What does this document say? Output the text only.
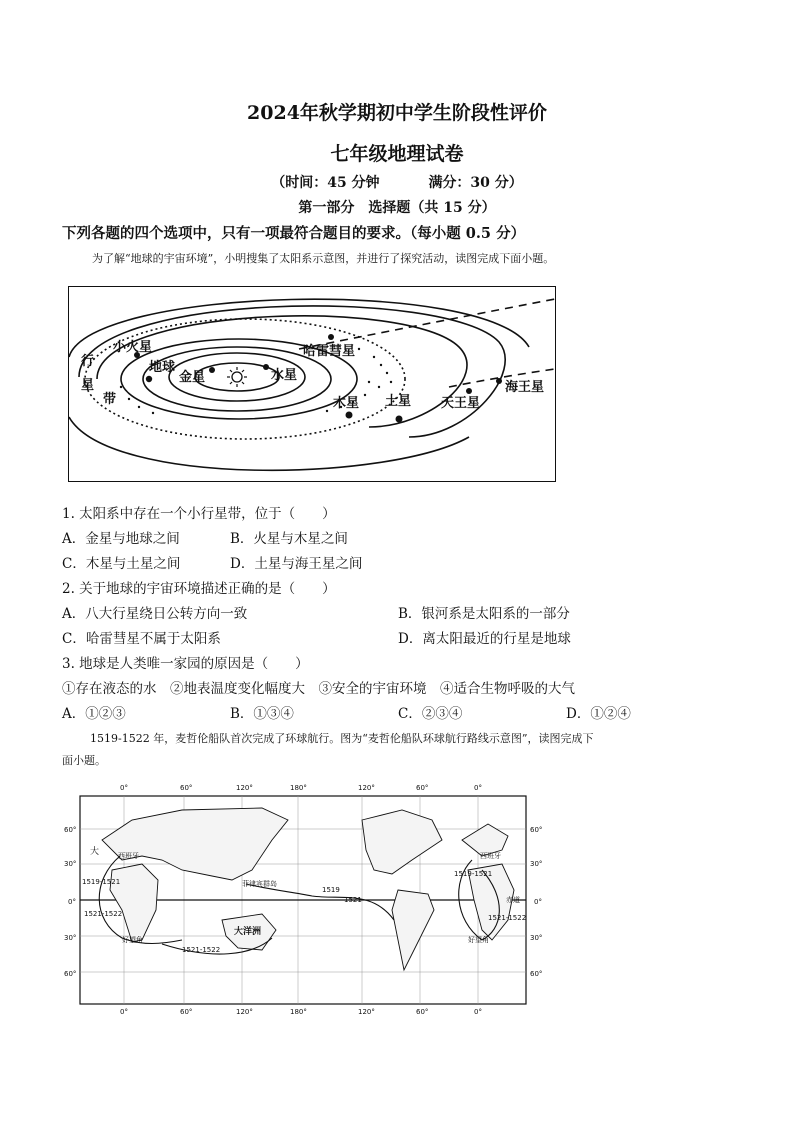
2024年秋学期初中学生阶段性评价
七年级地理试卷
（时间：45 分钟	满分：30 分）
第一部分　选择题（共 15 分）
下列各题的四个选项中，只有一项最符合题目的要求。（每小题 0.5 分）
为了解“地球的宇宙环境”，小明搜集了太阳系示意图，并进行了探究活动，读图完成下面小题。
小火星
行
星
带
地球
金星	水星
哈雷彗星
木星 土星 天王星
海王星
1. 太阳系中存在一个小行星带，位于（　　）
A．金星与地球之间	B．火星与木星之间
C．木星与土星之间	D．土星与海王星之间
2. 关于地球的宇宙环境描述正确的是（　　）
A．八大行星绕日公转方向一致	B．银河系是太阳系的一部分
C．哈雷彗星不属于太阳系	D．离太阳最近的行星是地球
3. 地球是人类唯一家园的原因是（　　）
①存在液态的水　②地表温度变化幅度大　③安全的宇宙环境　④适合生物呼吸的大气
A．①②③	B．①③④	C．②③④	D．①②④
1519-1522 年，麦哲伦船队首次完成了环球航行。图为“麦哲伦船队环球航行路线示意图”，读图完成下
面小题。
0°	60°	120°	180°	120°	60°	0°
0°	60°	120°	180°	120°	60°	0°
60°
30°
0°
30°
60°
60°
30°
0°
30°
60°
西班牙	西班牙
菲律宾群岛
大洋洲
好望角	好望角
赤道
大
1519-1521
1521-1522
1521-1522
1519
1521
1519-1521
1521-1522
